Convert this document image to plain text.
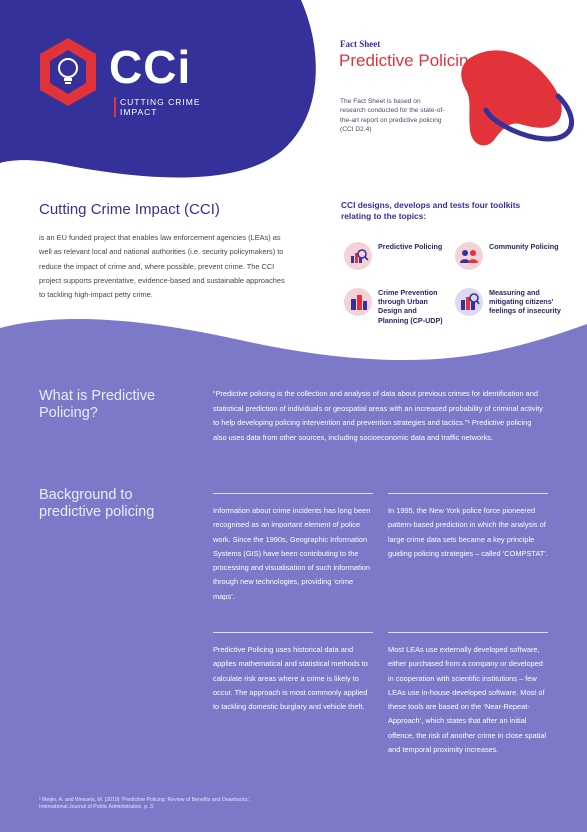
CCi
CUTTING CRIME
IMPACT
Fact Sheet
Predictive Policing
The Fact Sheet is based on research conducted for the state-of-the-art report on predictive policing (CCI D2.4)
Cutting Crime Impact (CCI)
is an EU funded project that enables law enforcement agencies (LEAs) as well as relevant local and national authorities (i.e. security policymakers) to reduce the impact of crime and, where possible, prevent crime. The CCI project supports preventative, evidence-based and sustainable approaches to tackling high-impact petty crime.
CCI designs, develops and tests four toolkits relating to the topics:
Predictive Policing	Community Policing
Crime Prevention through Urban Design and Planning (CP-UDP)
Measuring and mitigating citizens' feelings of insecurity
What is Predictive Policing?
“Predictive policing is the collection and analysis of data about previous crimes for identification and statistical prediction of individuals or geospatial areas with an increased probability of criminal activity to help developing policing intervention and prevention strategies and tactics.”¹ Predictive policing also uses data from other sources, including socioeconomic data and traffic networks.
Background to predictive policing	Information about crime incidents has long been recognised as an important element of police work. Since the 1990s, Geographic Information Systems (GIS) have been contributing to the processing and visualisation of such information through new technologies, providing ‘crime maps’.
In 1995, the New York police force pioneered pattern-based prediction in which the analysis of large crime data sets became a key principle guiding policing strategies – called ‘COMPSTAT’.
Predictive Policing uses historical data and applies mathematical and statistical methods to calculate risk areas where a crime is likely to occur. The approach is most commonly applied to tackling domestic burglary and vehicle theft.
Most LEAs use externally developed software, either purchased from a company or developed in cooperation with scientific institutions – few LEAs use in-house developed software. Most of these tools are based on the ‘Near-Repeat-Approach’, which states that after an initial offence, the risk of another crime in close spatial and temporal proximity increases.
¹ Meijer, A. and Wessels, M. (2019) ‘Predictive Policing: Review of Benefits and Drawbacks’, International Journal of Public Administration, p. 3.
